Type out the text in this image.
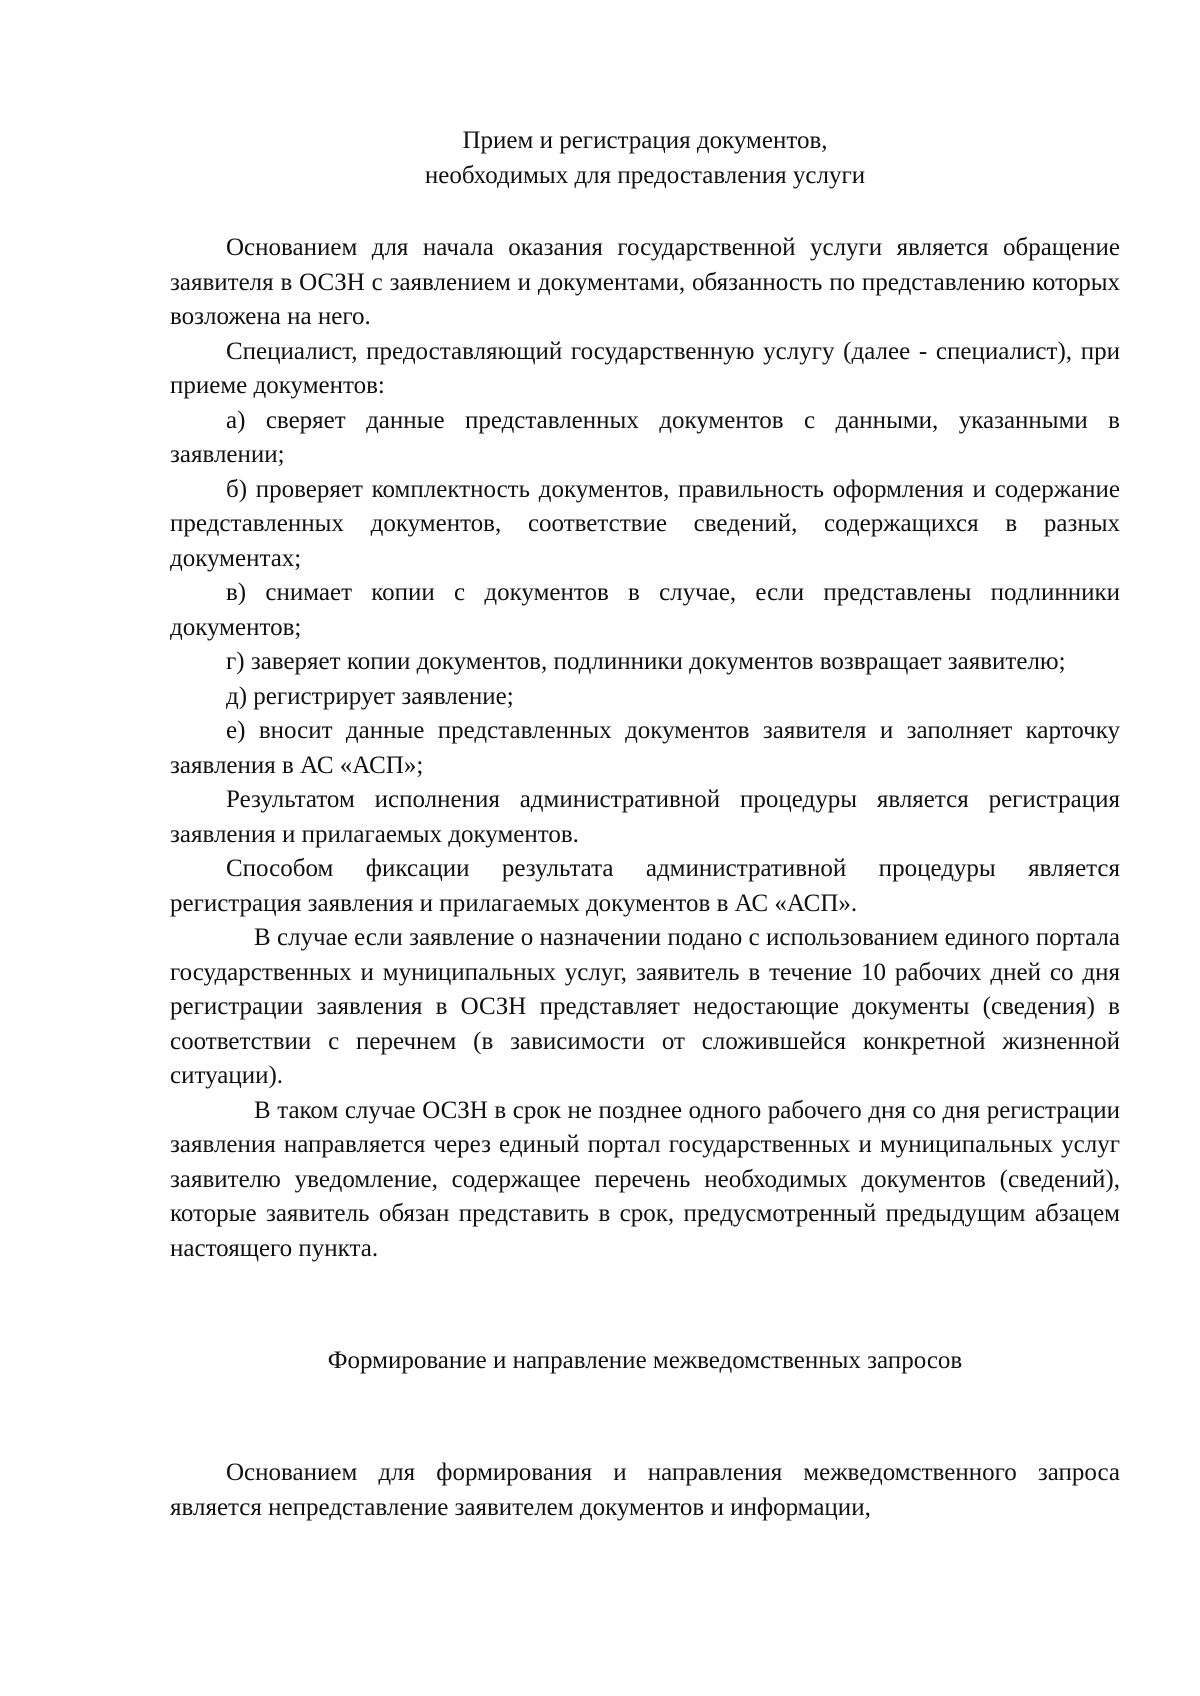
Прием и регистрация документов,
необходимых для предоставления услуги

Основанием для начала оказания государственной услуги является обращение заявителя в ОСЗН с заявлением и документами, обязанность по представлению которых возложена на него.

Специалист, предоставляющий государственную услугу (далее - специалист), при приеме документов:

а) сверяет данные представленных документов с данными, указанными в заявлении;

б) проверяет комплектность документов, правильность оформления и содержание представленных документов, соответствие сведений, содержащихся в разных документах;

в) снимает копии с документов в случае, если представлены подлинники документов;

г) заверяет копии документов, подлинники документов возвращает заявителю;

д) регистрирует заявление;

е) вносит данные представленных документов заявителя и заполняет карточку заявления в АС «АСП»;

Результатом исполнения административной процедуры является регистрация заявления и прилагаемых документов.

Способом фиксации результата административной процедуры является регистрация заявления и прилагаемых документов в АС «АСП».

В случае если заявление о назначении подано с использованием единого портала государственных и муниципальных услуг, заявитель в течение 10 рабочих дней со дня регистрации заявления в ОСЗН представляет недостающие документы (сведения) в соответствии с перечнем (в зависимости от сложившейся конкретной жизненной ситуации).

В таком случае ОСЗН в срок не позднее одного рабочего дня со дня регистрации заявления направляется через единый портал государственных и муниципальных услуг заявителю уведомление, содержащее перечень необходимых документов (сведений), которые заявитель обязан представить в срок, предусмотренный предыдущим абзацем настоящего пункта.

Формирование и направление межведомственных запросов

Основанием для формирования и направления межведомственного запроса является непредставление заявителем документов и информации,
